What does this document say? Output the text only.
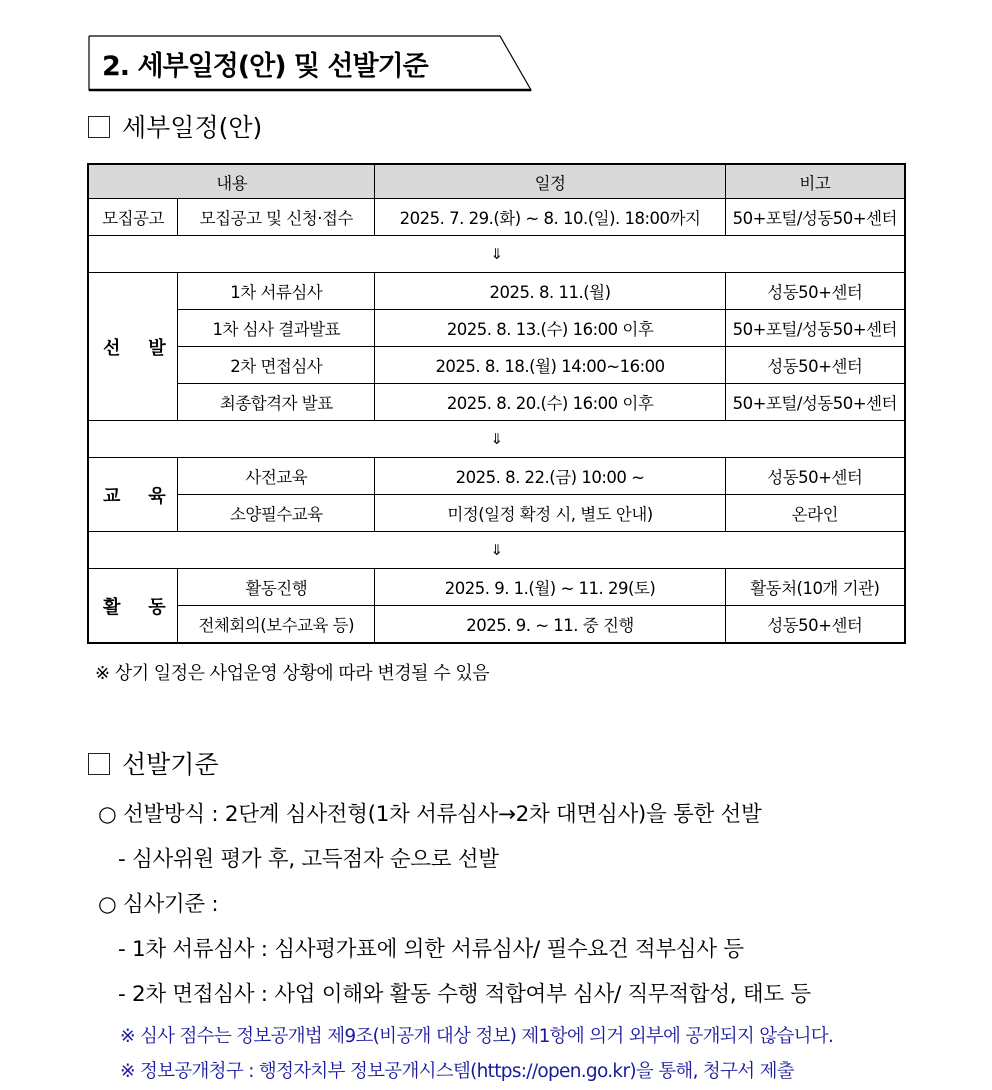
2. 세부일정(안) 및 선발기준
세부일정(안)
내용		일정	비고
모집공고	모집공고 및 신청·접수	2025. 7. 29.(화) ~ 8. 10.(일). 18:00까지	50+포털/성동50+센터
⇓			

선 발	1차 서류심사	2025. 8. 11.(월)	성동50+센터
	1차 심사 결과발표	2025. 8. 13.(수) 16:00 이후	50+포털/성동50+센터
	2차 면접심사	2025. 8. 18.(월) 14:00~16:00	성동50+센터
	최종합격자 발표	2025. 8. 20.(수) 16:00 이후	50+포털/성동50+센터
⇓			

교 육	사전교육	2025. 8. 22.(금) 10:00 ~	성동50+센터
	소양필수교육	미정(일정 확정 시, 별도 안내)	온라인
⇓			

활 동	활동진행	2025. 9. 1.(월) ~ 11. 29(토)	활동처(10개 기관)
	전체회의(보수교육 등)	2025. 9. ~ 11. 중 진행	성동50+센터
※ 상기 일정은 사업운영 상황에 따라 변경될 수 있음
선발기준
○ 선발방식 : 2단계 심사전형(1차 서류심사→2차 대면심사)을 통한 선발
- 심사위원 평가 후, 고득점자 순으로 선발
○ 심사기준 :
- 1차 서류심사 : 심사평가표에 의한 서류심사/ 필수요건 적부심사 등
- 2차 면접심사 : 사업 이해와 활동 수행 적합여부 심사/ 직무적합성, 태도 등
※ 심사 점수는 정보공개법 제9조(비공개 대상 정보) 제1항에 의거 외부에 공개되지 않습니다.
※ 정보공개청구 : 행정자치부 정보공개시스템(https://open.go.kr)을 통해, 청구서 제출
